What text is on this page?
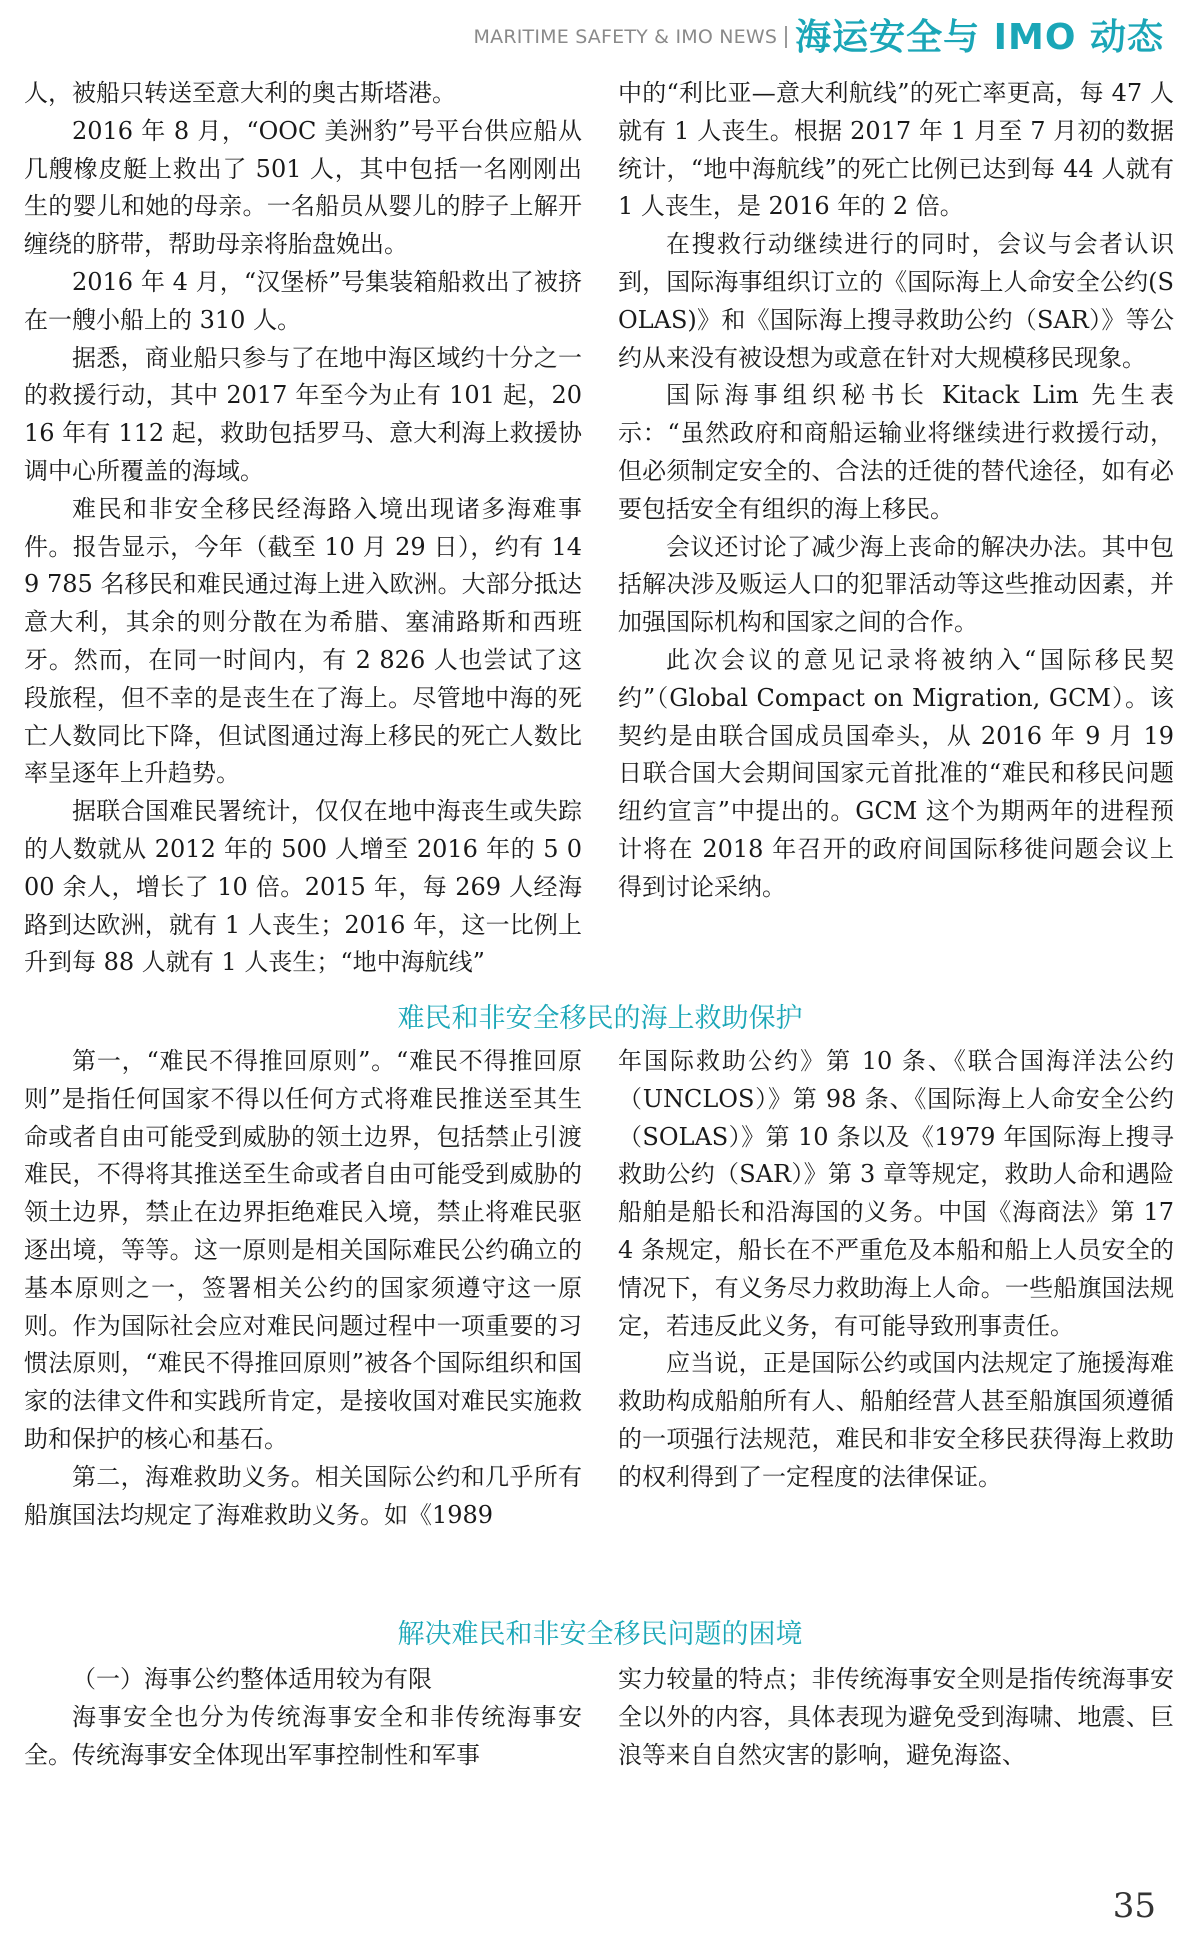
MARITIME SAFETY & IMO NEWS 海运安全与 IMO 动态

人，被船只转送至意大利的奥古斯塔港。

2016 年 8 月，“OOC 美洲豹”号平台供应船从几艘橡皮艇上救出了 501 人，其中包括一名刚刚出生的婴儿和她的母亲。一名船员从婴儿的脖子上解开缠绕的脐带，帮助母亲将胎盘娩出。

2016 年 4 月，“汉堡桥”号集装箱船救出了被挤在一艘小船上的 310 人。

据悉，商业船只参与了在地中海区域约十分之一的救援行动，其中 2017 年至今为止有 101 起，2016 年有 112 起，救助包括罗马、意大利海上救援协调中心所覆盖的海域。

难民和非安全移民经海路入境出现诸多海难事件。报告显示，今年（截至 10 月 29 日），约有 149 785 名移民和难民通过海上进入欧洲。大部分抵达意大利，其余的则分散在为希腊、塞浦路斯和西班牙。然而，在同一时间内，有 2 826 人也尝试了这段旅程，但不幸的是丧生在了海上。尽管地中海的死亡人数同比下降，但试图通过海上移民的死亡人数比率呈逐年上升趋势。

据联合国难民署统计，仅仅在地中海丧生或失踪的人数就从 2012 年的 500 人增至 2016 年的 5 000 余人，增长了 10 倍。2015 年，每 269 人经海路到达欧洲，就有 1 人丧生；2016 年，这一比例上升到每 88 人就有 1 人丧生；“地中海航线”

中的“利比亚—意大利航线”的死亡率更高，每 47 人就有 1 人丧生。根据 2017 年 1 月至 7 月初的数据统计，“地中海航线”的死亡比例已达到每 44 人就有 1 人丧生，是 2016 年的 2 倍。

在搜救行动继续进行的同时，会议与会者认识到，国际海事组织订立的《国际海上人命安全公约(SOLAS)》和《国际海上搜寻救助公约（SAR）》等公约从来没有被设想为或意在针对大规模移民现象。

国际海事组织秘书长 Kitack Lim 先生表示：“虽然政府和商船运输业将继续进行救援行动，但必须制定安全的、合法的迁徙的替代途径，如有必要包括安全有组织的海上移民。

会议还讨论了减少海上丧命的解决办法。其中包括解决涉及贩运人口的犯罪活动等这些推动因素，并加强国际机构和国家之间的合作。

此次会议的意见记录将被纳入“国际移民契约”（Global Compact on Migration, GCM）。该契约是由联合国成员国牵头，从 2016 年 9 月 19 日联合国大会期间国家元首批准的“难民和移民问题纽约宣言”中提出的。GCM 这个为期两年的进程预计将在 2018 年召开的政府间国际移徙问题会议上得到讨论采纳。

难民和非安全移民的海上救助保护

第一，“难民不得推回原则”。“难民不得推回原则”是指任何国家不得以任何方式将难民推送至其生命或者自由可能受到威胁的领土边界，包括禁止引渡难民，不得将其推送至生命或者自由可能受到威胁的领土边界，禁止在边界拒绝难民入境，禁止将难民驱逐出境，等等。这一原则是相关国际难民公约确立的基本原则之一，签署相关公约的国家须遵守这一原则。作为国际社会应对难民问题过程中一项重要的习惯法原则，“难民不得推回原则”被各个国际组织和国家的法律文件和实践所肯定，是接收国对难民实施救助和保护的核心和基石。

第二，海难救助义务。相关国际公约和几乎所有船旗国法均规定了海难救助义务。如《1989

年国际救助公约》第 10 条、《联合国海洋法公约（UNCLOS）》第 98 条、《国际海上人命安全公约（SOLAS）》第 10 条以及《1979 年国际海上搜寻救助公约（SAR）》第 3 章等规定，救助人命和遇险船舶是船长和沿海国的义务。中国《海商法》第 174 条规定，船长在不严重危及本船和船上人员安全的情况下，有义务尽力救助海上人命。一些船旗国法规定，若违反此义务，有可能导致刑事责任。

应当说，正是国际公约或国内法规定了施援海难救助构成船舶所有人、船舶经营人甚至船旗国须遵循的一项强行法规范，难民和非安全移民获得海上救助的权利得到了一定程度的法律保证。

解决难民和非安全移民问题的困境

（一）海事公约整体适用较为有限

海事安全也分为传统海事安全和非传统海事安全。传统海事安全体现出军事控制性和军事

实力较量的特点；非传统海事安全则是指传统海事安全以外的内容，具体表现为避免受到海啸、地震、巨浪等来自自然灾害的影响，避免海盗、

35
